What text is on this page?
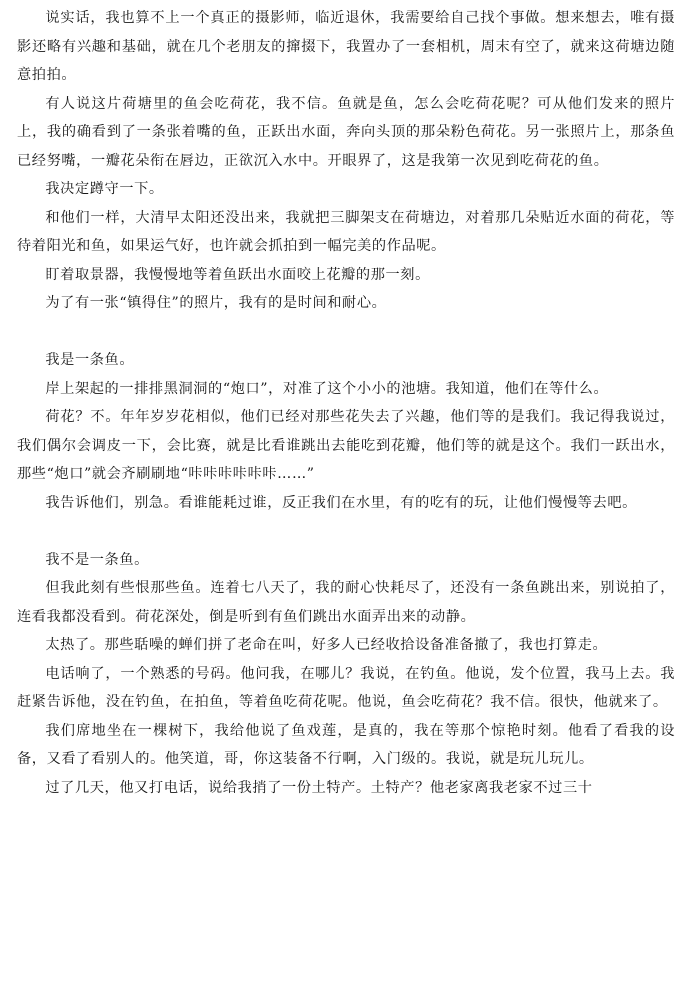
说实话，我也算不上一个真正的摄影师，临近退休，我需要给自己找个事做。想来想去，唯有摄影还略有兴趣和基础，就在几个老朋友的撺掇下，我置办了一套相机，周末有空了，就来这荷塘边随意拍拍。

有人说这片荷塘里的鱼会吃荷花，我不信。鱼就是鱼，怎么会吃荷花呢？可从他们发来的照片上，我的确看到了一条张着嘴的鱼，正跃出水面，奔向头顶的那朵粉色荷花。另一张照片上，那条鱼已经努嘴，一瓣花朵衔在唇边，正欲沉入水中。开眼界了，这是我第一次见到吃荷花的鱼。

我决定蹲守一下。

和他们一样，大清早太阳还没出来，我就把三脚架支在荷塘边，对着那几朵贴近水面的荷花，等待着阳光和鱼，如果运气好，也许就会抓拍到一幅完美的作品呢。

盯着取景器，我慢慢地等着鱼跃出水面咬上花瓣的那一刻。

为了有一张“镇得住”的照片，我有的是时间和耐心。

我是一条鱼。

岸上架起的一排排黑洞洞的“炮口”，对准了这个小小的池塘。我知道，他们在等什么。

荷花？不。年年岁岁花相似，他们已经对那些花失去了兴趣，他们等的是我们。我记得我说过，我们偶尔会调皮一下，会比赛，就是比看谁跳出去能吃到花瓣，他们等的就是这个。我们一跃出水，那些“炮口”就会齐刷刷地“咔咔咔咔咔咔……”

我告诉他们，别急。看谁能耗过谁，反正我们在水里，有的吃有的玩，让他们慢慢等去吧。

我不是一条鱼。

但我此刻有些恨那些鱼。连着七八天了，我的耐心快耗尽了，还没有一条鱼跳出来，别说拍了，连看我都没看到。荷花深处，倒是听到有鱼们跳出水面弄出来的动静。

太热了。那些聒噪的蝉们拼了老命在叫，好多人已经收拾设备准备撤了，我也打算走。

电话响了，一个熟悉的号码。他问我，在哪儿？我说，在钓鱼。他说，发个位置，我马上去。我赶紧告诉他，没在钓鱼，在拍鱼，等着鱼吃荷花呢。他说，鱼会吃荷花？我不信。很快，他就来了。

我们席地坐在一棵树下，我给他说了鱼戏莲，是真的，我在等那个惊艳时刻。他看了看我的设备，又看了看别人的。他笑道，哥，你这装备不行啊，入门级的。我说，就是玩儿玩儿。

过了几天，他又打电话，说给我捎了一份土特产。土特产？他老家离我老家不过三十
